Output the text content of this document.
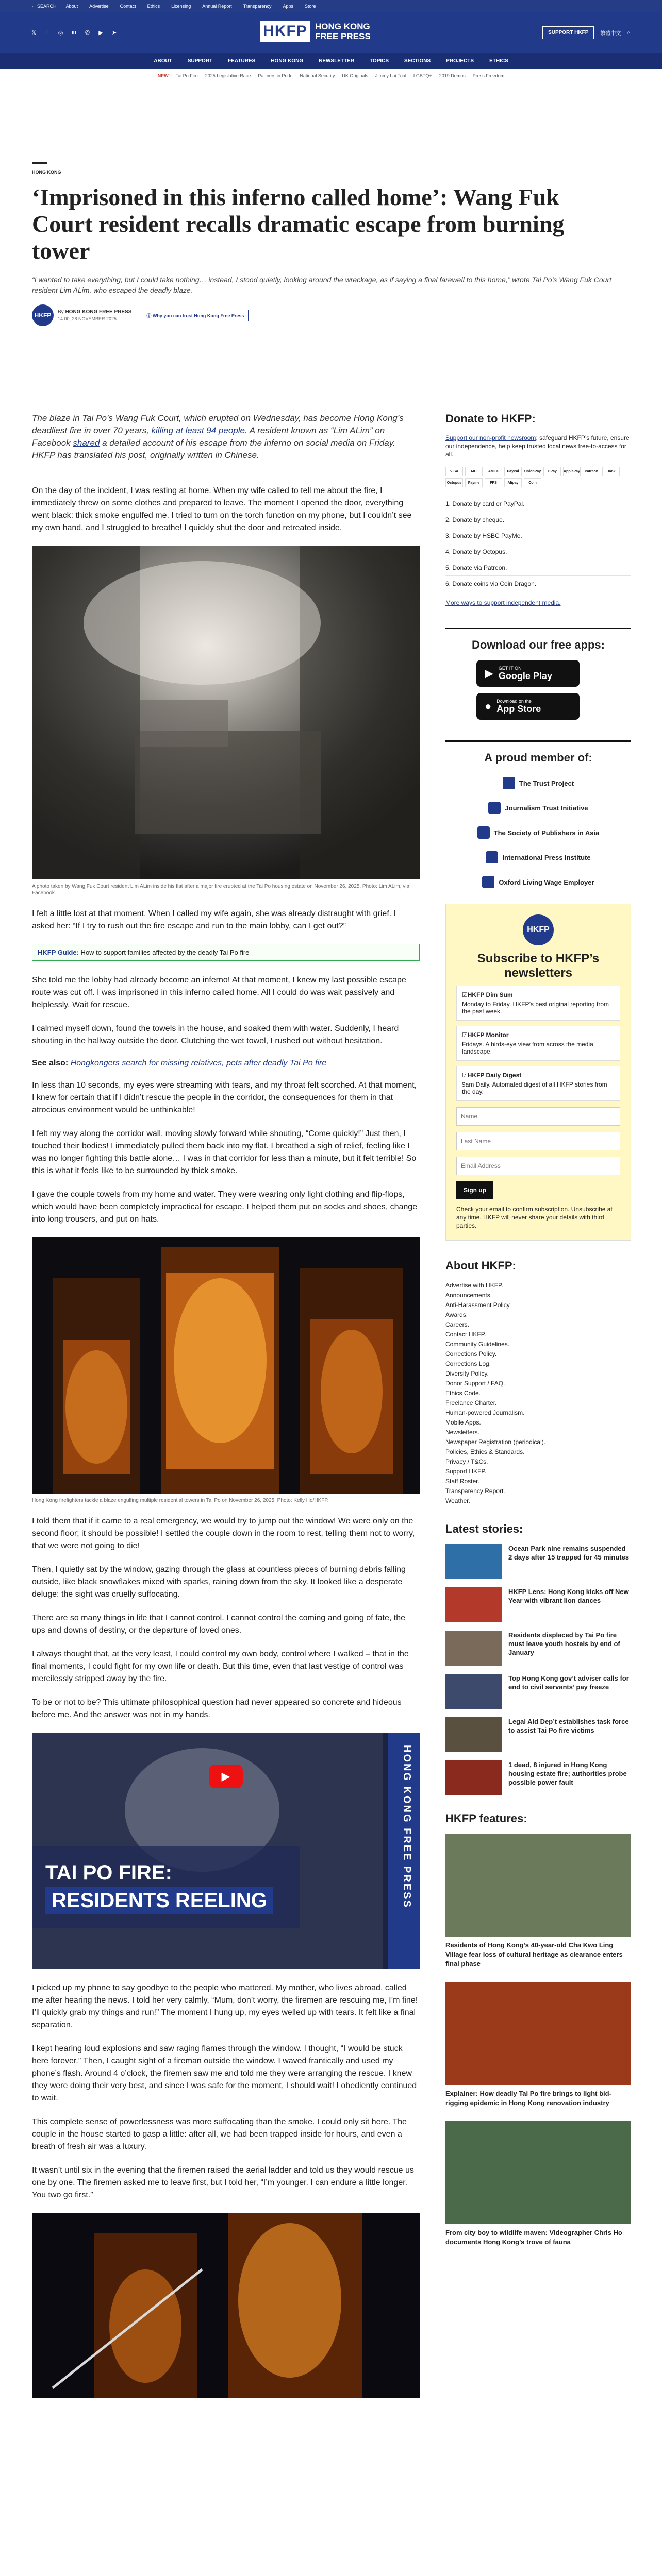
⌕ SEARCH About Advertise Contact Ethics Licensing Annual Report Transparency Apps Store
𝕏	f	◎ in ✆ ▶ ➤	HKFP HONG KONG
FREE PRESS	SUPPORT HKFP	繁體中文 ⌕
ABOUT	SUPPORT	FEATURES	HONG KONG	NEWSLETTER	TOPICS	SECTIONS	PROJECTS	ETHICS
NEW Tai Po Fire 2025 Legislative Race Partners in Pride National Security UK Originals Jimmy Lai Trial LGBTQ+ 2019 Demos Press Freedom
HONG KONG
‘Imprisoned in this inferno called home’: Wang Fuk Court resident recalls dramatic escape from burning tower

“I wanted to take everything, but I could take nothing… instead, I stood quietly, looking around the wreckage, as if saying a final farewell to this home,” wrote Tai Po’s Wang Fuk Court resident Lim ALim, who escaped the deadly blaze.

HKFP	By HONG KONG FREE PRESS
14:00, 28 NOVEMBER 2025
ⓘ Why you can trust Hong Kong Free Press

The blaze in Tai Po’s Wang Fuk Court, which erupted on Wednesday, has become Hong Kong’s deadliest fire in over 70 years, killing at least 94 people. A resident known as “Lim ALim” on Facebook shared a detailed account of his escape from the inferno on social media on Friday. HKFP has translated his post, originally written in Chinese.

On the day of the incident, I was resting at home. When my wife called to tell me about the fire, I immediately threw on some clothes and prepared to leave. The moment I opened the door, everything went black: thick smoke engulfed me. I tried to turn on the torch function on my phone, but I couldn’t see my own hand, and I struggled to breathe! I quickly shut the door and retreated inside.

A photo taken by Wang Fuk Court resident Lim ALim inside his flat after a major fire erupted at the Tai Po housing estate on November 26, 2025. Photo: Lim ALim, via Facebook.

I felt a little lost at that moment. When I called my wife again, she was already distraught with grief. I asked her: “If I try to rush out the fire escape and run to the main lobby, can I get out?”

HKFP Guide: How to support families affected by the deadly Tai Po fire

She told me the lobby had already become an inferno! At that moment, I knew my last possible escape route was cut off. I was imprisoned in this inferno called home. All I could do was wait passively and helplessly. Wait for rescue.

I calmed myself down, found the towels in the house, and soaked them with water. Suddenly, I heard shouting in the hallway outside the door. Clutching the wet towel, I rushed out without hesitation.

See also: Hongkongers search for missing relatives, pets after deadly Tai Po fire

In less than 10 seconds, my eyes were streaming with tears, and my throat felt scorched. At that moment, I knew for certain that if I didn’t rescue the people in the corridor, the consequences for them in that atrocious environment would be unthinkable!

I felt my way along the corridor wall, moving slowly forward while shouting, “Come quickly!” Just then, I touched their bodies! I immediately pulled them back into my flat. I breathed a sigh of relief, feeling like I was no longer fighting this battle alone… I was in that corridor for less than a minute, but it felt terrible! So this is what it feels like to be surrounded by thick smoke.

I gave the couple towels from my home and water. They were wearing only light clothing and flip-flops, which would have been completely impractical for escape. I helped them put on socks and shoes, change into long trousers, and put on hats.

Hong Kong firefighters tackle a blaze engulfing multiple residential towers in Tai Po on November 26, 2025. Photo: Kelly Ho/HKFP.

I told them that if it came to a real emergency, we would try to jump out the window! We were only on the second floor; it should be possible! I settled the couple down in the room to rest, telling them not to worry, that we were not going to die!

Then, I quietly sat by the window, gazing through the glass at countless pieces of burning debris falling outside, like black snowflakes mixed with sparks, raining down from the sky. It looked like a desperate deluge: the sight was cruelly suffocating.

There are so many things in life that I cannot control. I cannot control the coming and going of fate, the ups and downs of destiny, or the departure of loved ones.

I always thought that, at the very least, I could control my own body, control where I walked – that in the final moments, I could fight for my own life or death. But this time, even that last vestige of control was mercilessly stripped away by the fire.

To be or not to be? This ultimate philosophical question had never appeared so concrete and hideous before me. And the answer was not in my hands.

HONG KONG FREE PRESS
TAI PO FIRE:
RESIDENTS REELING
▶

I picked up my phone to say goodbye to the people who mattered. My mother, who lives abroad, called me after hearing the news. I told her very calmly, “Mum, don’t worry, the firemen are rescuing me, I’m fine! I’ll quickly grab my things and run!” The moment I hung up, my eyes welled up with tears. It felt like a final separation.

I kept hearing loud explosions and saw raging flames through the window. I thought, “I would be stuck here forever.” Then, I caught sight of a fireman outside the window. I waved frantically and used my phone’s flash. Around 4 o’clock, the firemen saw me and told me they were arranging the rescue. I knew they were doing their very best, and since I was safe for the moment, I should wait! I obediently continued to wait.

This complete sense of powerlessness was more suffocating than the smoke. I could only sit here. The couple in the house started to gasp a little: after all, we had been trapped inside for hours, and even a breath of fresh air was a luxury.

It wasn’t until six in the evening that the firemen raised the aerial ladder and told us they would rescue us one by one. The firemen asked me to leave first, but I told her, “I’m younger. I can endure a little longer. You two go first.”

Donate to HKFP:

Support our non-profit newsroom; safeguard HKFP’s future, ensure our independence, help keep trusted local news free-to-access for all.

VISA	MC	AMEX	PayPal	UnionPay	GPay	ApplePay	Patreon	Bank
Octopus	Payme	FPS	Alipay	Coin
1. Donate by card or PayPal.
2. Donate by cheque.
3. Donate by HSBC PayMe.
4. Donate by Octopus.
5. Donate via Patreon.
6. Donate coins via Coin Dragon.

More ways to support independent media.

Download our free apps:
▶ GET IT ON
Google Play
● Download on the
App Store
A proud member of:
The Trust Project
Journalism Trust Initiative
The Society of Publishers in Asia
International Press Institute
Oxford Living Wage Employer
HKFP
Subscribe to HKFP’s newsletters
☑HKFP Dim Sum
Monday to Friday. HKFP’s best original reporting from the past week.
☑HKFP Monitor
Fridays. A birds-eye view from across the media landscape.
☑HKFP Daily Digest
9am Daily. Automated digest of all HKFP stories from the day.
Name Last Name Email Address Sign up

Check your email to confirm subscription. Unsubscribe at any time. HKFP will never share your details with third parties.

About HKFP:
Advertise with HKFP.
Announcements.
Anti-Harassment Policy.
Awards.
Careers.
Contact HKFP.
Community Guidelines.
Corrections Policy.
Corrections Log.
Diversity Policy.
Donor Support / FAQ.
Ethics Code.
Freelance Charter.
Human-powered Journalism.
Mobile Apps.
Newsletters.
Newspaper Registration (periodical).
Policies, Ethics & Standards.
Privacy / T&Cs.
Support HKFP.
Staff Roster.
Transparency Report.
Weather.
Latest stories:
Ocean Park nine remains suspended 2 days after 15 trapped for 45 minutes
HKFP Lens: Hong Kong kicks off New Year with vibrant lion dances
Residents displaced by Tai Po fire must leave youth hostels by end of January
Top Hong Kong gov’t adviser calls for end to civil servants’ pay freeze
Legal Aid Dep’t establishes task force to assist Tai Po fire victims
1 dead, 8 injured in Hong Kong housing estate fire; authorities probe possible power fault
HKFP features:
Residents of Hong Kong’s 40-year-old Cha Kwo Ling Village fear loss of cultural heritage as clearance enters final phase
Explainer: How deadly Tai Po fire brings to light bid-rigging epidemic in Hong Kong renovation industry
From city boy to wildlife maven: Videographer Chris Ho documents Hong Kong’s trove of fauna
